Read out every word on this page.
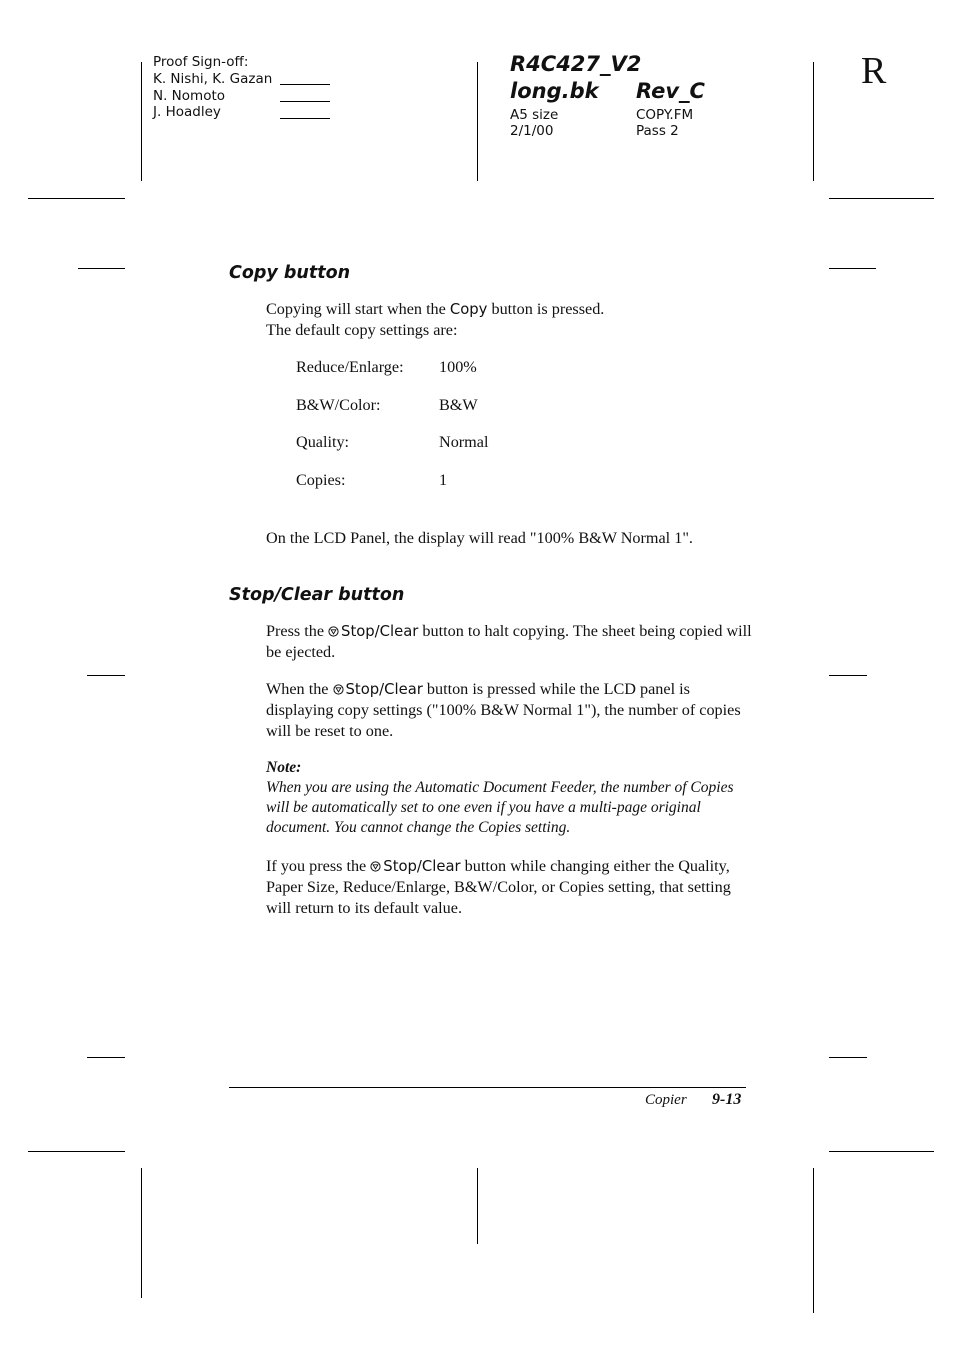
Proof Sign-off:
K. Nishi, K. Gazan
N. Nomoto
J. Hoadley
R4C427_V2
long.bk Rev_C
A5 size
2/1/00
COPY.FM
Pass 2
R
Copy button
Copying will start when the Copy button is pressed.
The default copy settings are:
Reduce/Enlarge: 100%
B&W/Color:	B&W
Quality:	Normal
Copies:	1
On the LCD Panel, the display will read "100% B&W Normal 1".
Stop/Clear button
Press the Stop/Clear button to halt copying. The sheet being copied will be ejected.
When the Stop/Clear button is pressed while the LCD panel is displaying copy settings ("100% B&W Normal 1"), the number of copies will be reset to one.
Note:
When you are using the Automatic Document Feeder, the number of Copies will be automatically set to one even if you have a multi-page original document. You cannot change the Copies setting.
If you press the Stop/Clear button while changing either the Quality, Paper Size, Reduce/Enlarge, B&W/Color, or Copies setting, that setting will return to its default value.
Copier 9-13
